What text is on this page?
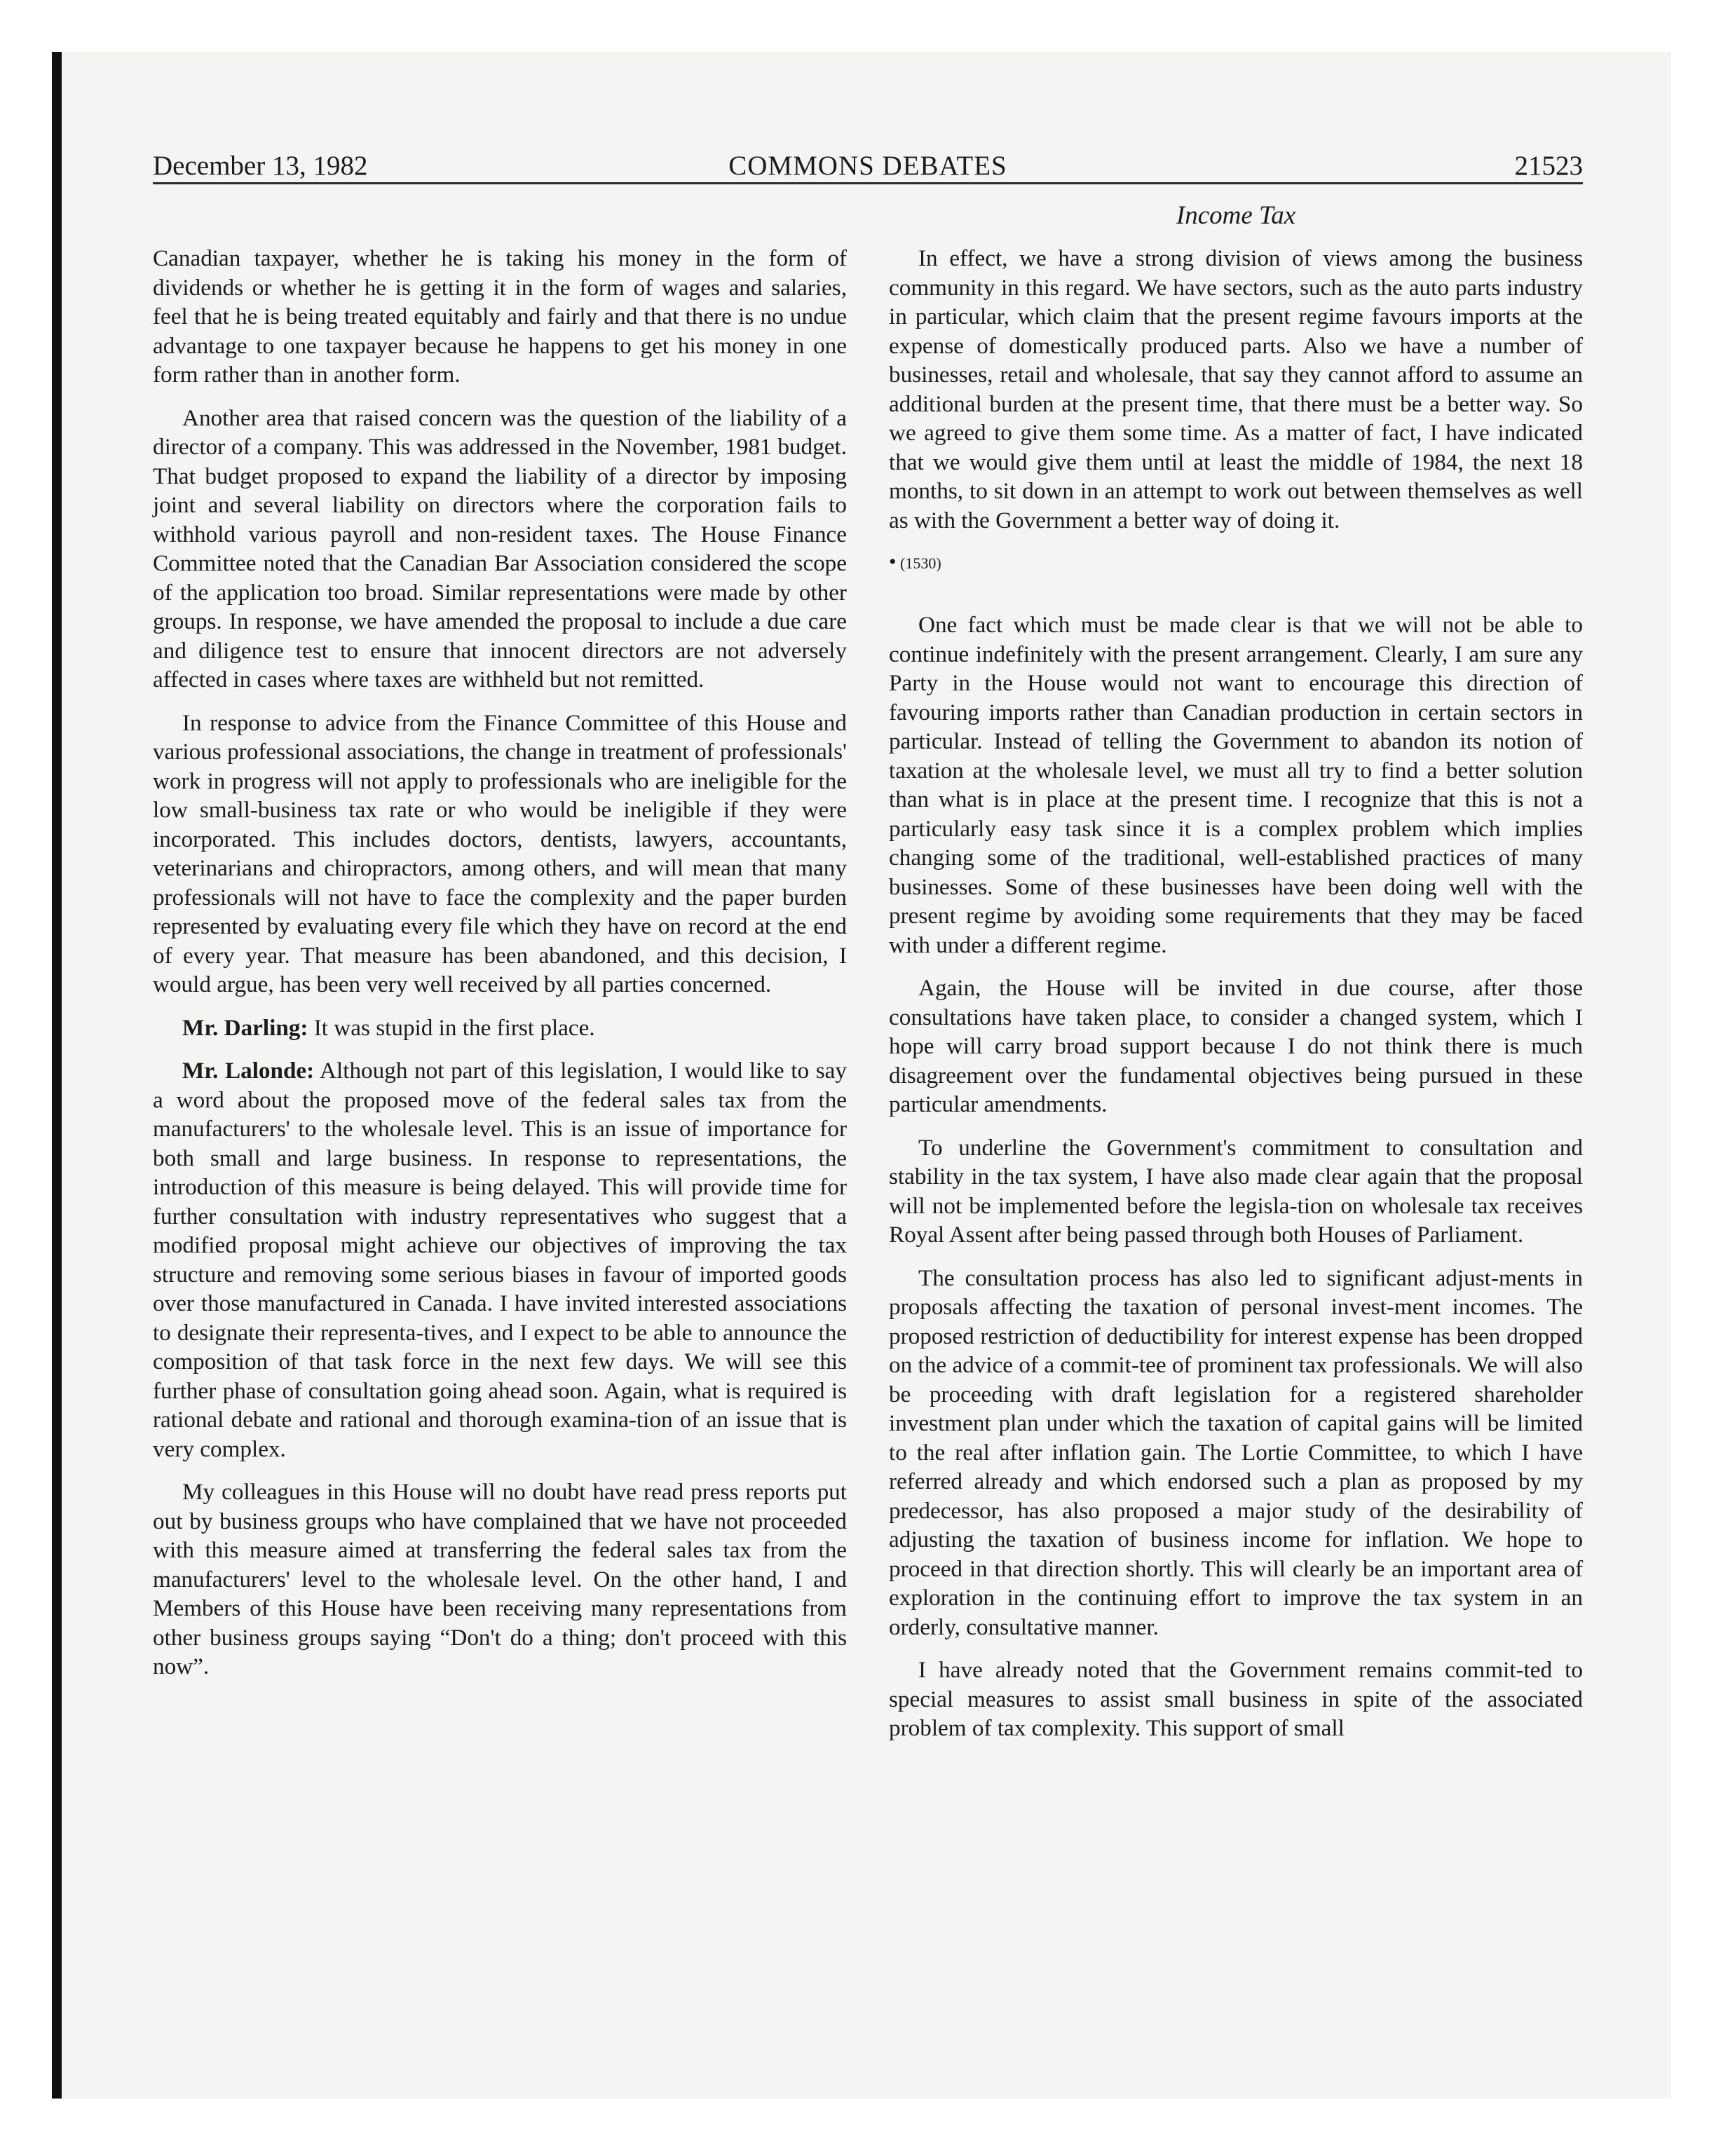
December 13, 1982	COMMONS DEBATES	21523
Income Tax

Canadian taxpayer, whether he is taking his money in the form of dividends or whether he is getting it in the form of wages and salaries, feel that he is being treated equitably and fairly and that there is no undue advantage to one taxpayer because he happens to get his money in one form rather than in another form.

Another area that raised concern was the question of the liability of a director of a company. This was addressed in the November, 1981 budget. That budget proposed to expand the liability of a director by imposing joint and several liability on directors where the corporation fails to withhold various payroll and non-resident taxes. The House Finance Committee noted that the Canadian Bar Association considered the scope of the application too broad. Similar representations were made by other groups. In response, we have amended the proposal to include a due care and diligence test to ensure that innocent directors are not adversely affected in cases where taxes are withheld but not remitted.

In response to advice from the Finance Committee of this House and various professional associations, the change in treatment of professionals' work in progress will not apply to professionals who are ineligible for the low small-business tax rate or who would be ineligible if they were incorporated. This includes doctors, dentists, lawyers, accountants, veterinarians and chiropractors, among others, and will mean that many professionals will not have to face the complexity and the paper burden represented by evaluating every file which they have on record at the end of every year. That measure has been abandoned, and this decision, I would argue, has been very well received by all parties concerned.

Mr. Darling: It was stupid in the first place.

Mr. Lalonde: Although not part of this legislation, I would like to say a word about the proposed move of the federal sales tax from the manufacturers' to the wholesale level. This is an issue of importance for both small and large business. In response to representations, the introduction of this measure is being delayed. This will provide time for further consultation with industry representatives who suggest that a modified proposal might achieve our objectives of improving the tax structure and removing some serious biases in favour of imported goods over those manufactured in Canada. I have invited interested associations to designate their representa-tives, and I expect to be able to announce the composition of that task force in the next few days. We will see this further phase of consultation going ahead soon. Again, what is required is rational debate and rational and thorough examina-tion of an issue that is very complex.

My colleagues in this House will no doubt have read press reports put out by business groups who have complained that we have not proceeded with this measure aimed at transferring the federal sales tax from the manufacturers' level to the wholesale level. On the other hand, I and Members of this House have been receiving many representations from other business groups saying “Don't do a thing; don't proceed with this now”.

In effect, we have a strong division of views among the business community in this regard. We have sectors, such as the auto parts industry in particular, which claim that the present regime favours imports at the expense of domestically produced parts. Also we have a number of businesses, retail and wholesale, that say they cannot afford to assume an additional burden at the present time, that there must be a better way. So we agreed to give them some time. As a matter of fact, I have indicated that we would give them until at least the middle of 1984, the next 18 months, to sit down in an attempt to work out between themselves as well as with the Government a better way of doing it.

• (1530)

One fact which must be made clear is that we will not be able to continue indefinitely with the present arrangement. Clearly, I am sure any Party in the House would not want to encourage this direction of favouring imports rather than Canadian production in certain sectors in particular. Instead of telling the Government to abandon its notion of taxation at the wholesale level, we must all try to find a better solution than what is in place at the present time. I recognize that this is not a particularly easy task since it is a complex problem which implies changing some of the traditional, well-established practices of many businesses. Some of these businesses have been doing well with the present regime by avoiding some requirements that they may be faced with under a different regime.

Again, the House will be invited in due course, after those consultations have taken place, to consider a changed system, which I hope will carry broad support because I do not think there is much disagreement over the fundamental objectives being pursued in these particular amendments.

To underline the Government's commitment to consultation and stability in the tax system, I have also made clear again that the proposal will not be implemented before the legisla-tion on wholesale tax receives Royal Assent after being passed through both Houses of Parliament.

The consultation process has also led to significant adjust-ments in proposals affecting the taxation of personal invest-ment incomes. The proposed restriction of deductibility for interest expense has been dropped on the advice of a commit-tee of prominent tax professionals. We will also be proceeding with draft legislation for a registered shareholder investment plan under which the taxation of capital gains will be limited to the real after inflation gain. The Lortie Committee, to which I have referred already and which endorsed such a plan as proposed by my predecessor, has also proposed a major study of the desirability of adjusting the taxation of business income for inflation. We hope to proceed in that direction shortly. This will clearly be an important area of exploration in the continuing effort to improve the tax system in an orderly, consultative manner.

I have already noted that the Government remains commit-ted to special measures to assist small business in spite of the associated problem of tax complexity. This support of small
